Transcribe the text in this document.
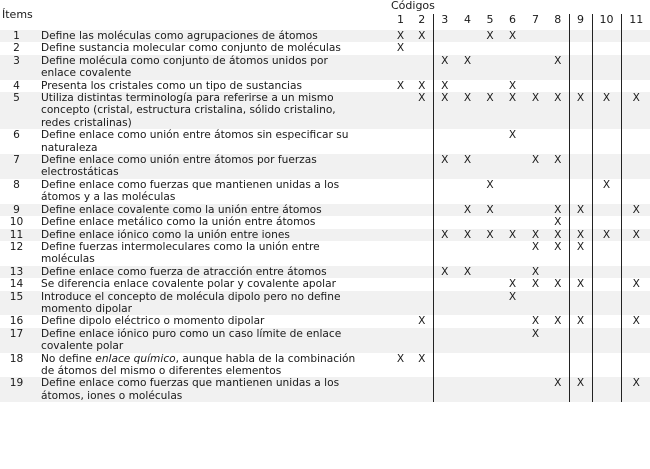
Ítems		Códigos										
		1	2	3	4	5	6	7	8	9	10	11
1	Define las moléculas como agrupaciones de átomos	X	X			X	X					
2	Define sustancia molecular como conjunto de moléculas	X										
3	Define molécula como conjunto de átomos unidos por
enlace covalente			X	X				X			
4	Presenta los cristales como un tipo de sustancias	X	X	X			X					
5	Utiliza distintas terminología para referirse a un mismo
concepto (cristal, estructura cristalina, sólido cristalino,
redes cristalinas)		X	X	X	X	X	X	X	X	X	X
6	Define enlace como unión entre átomos sin especificar su
naturaleza						X					
7	Define enlace como unión entre átomos por fuerzas
electrostáticas			X	X			X	X			
8	Define enlace como fuerzas que mantienen unidas a los
átomos y a las moléculas					X					X	
9	Define enlace covalente como la unión entre átomos				X	X			X	X		X
10	Define enlace metálico como la unión entre átomos								X			
11	Define enlace iónico como la unión entre iones			X	X	X	X	X	X	X	X	X
12	Define fuerzas intermoleculares como la unión entre
moléculas							X	X	X		
13	Define enlace como fuerza de atracción entre átomos			X	X			X				
14	Se diferencia enlace covalente polar y covalente apolar						X	X	X	X		X
15	Introduce el concepto de molécula dipolo pero no define
momento dipolar						X					
16	Define dipolo eléctrico o momento dipolar		X					X	X	X		X
17	Define enlace iónico puro como un caso límite de enlace
covalente polar							X				
18	No define enlace químico, aunque habla de la combinación
de átomos del mismo o diferentes elementos	X	X									
19	Define enlace como fuerzas que mantienen unidas a los
átomos, iones o moléculas								X	X		X
